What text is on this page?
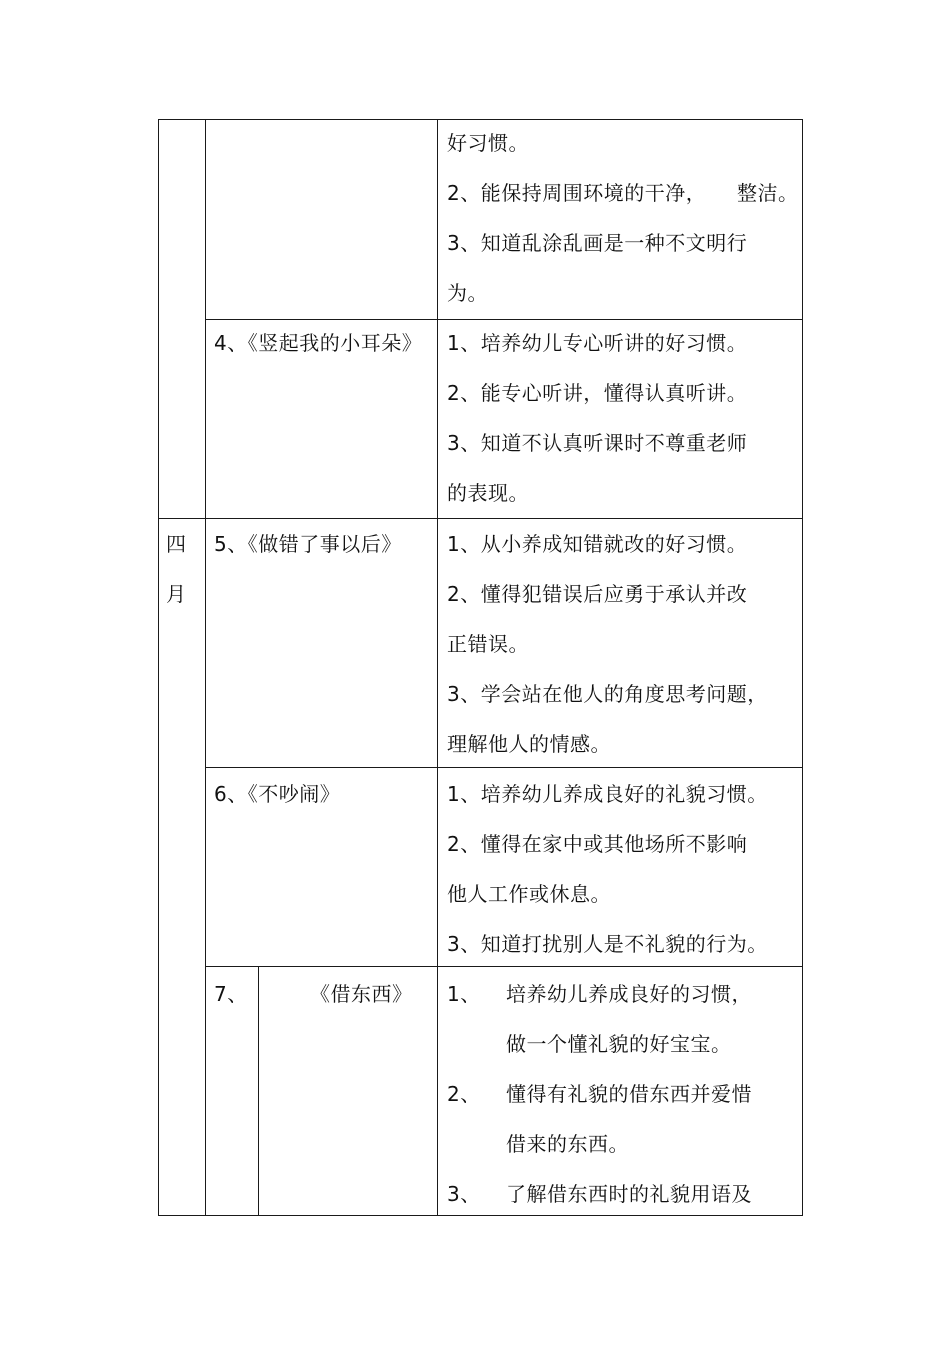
四
月
好习惯。
2、能保持周围环境的干净， 整洁。
3、知道乱涂乱画是一种不文明行
为。
4、《竖起我的小耳朵》 1、培养幼儿专心听讲的好习惯。
2、能专心听讲，懂得认真听讲。
3、知道不认真听课时不尊重老师
的表现。
5、《做错了事以后》 1、从小养成知错就改的好习惯。
2、懂得犯错误后应勇于承认并改
正错误。
3、学会站在他人的角度思考问题，
理解他人的情感。
6、《不吵闹》	1、培养幼儿养成良好的礼貌习惯。
2、懂得在家中或其他场所不影响
他人工作或休息。
3、知道打扰别人是不礼貌的行为。
7、	《借东西》 1、 培养幼儿养成良好的习惯，
做一个懂礼貌的好宝宝。
2、 懂得有礼貌的借东西并爱惜
借来的东西。
3、 了解借东西时的礼貌用语及
